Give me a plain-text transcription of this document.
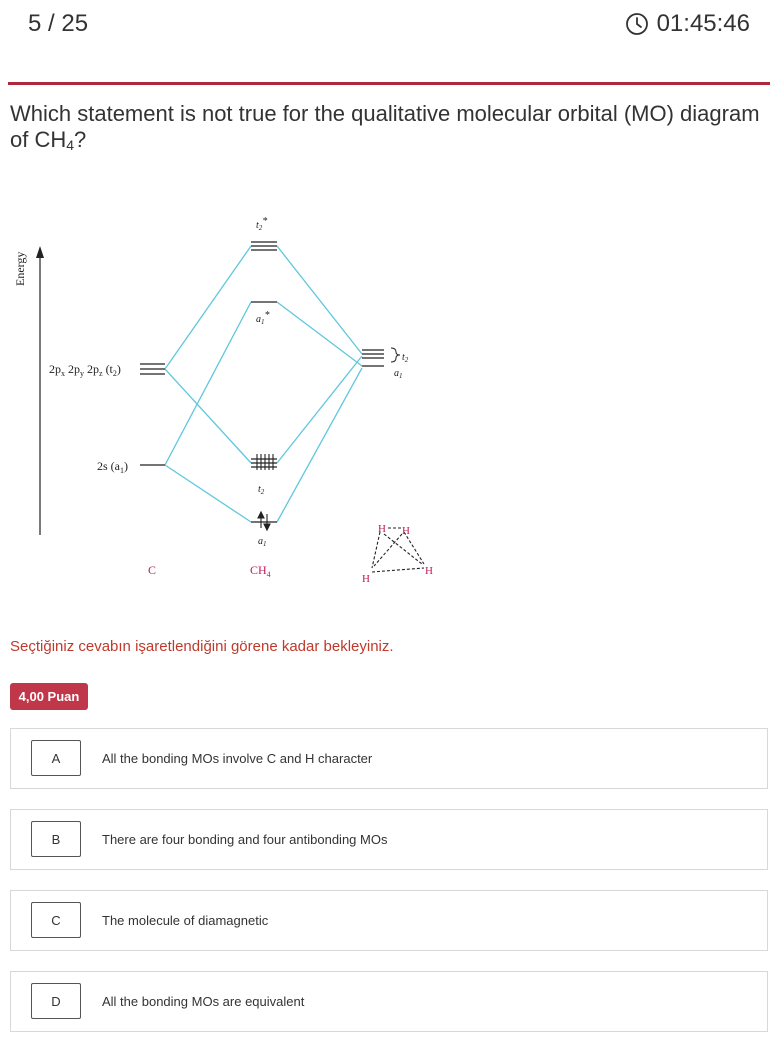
5 / 25	01:45:46
Which statement is not true for the qualitative molecular orbital (MO) diagram of $CH_4$?
Energy
$2p_x$ $2p_y$ $2p_z$ $(t_2)$
2s $(a_1)$
$t_2*$
$a_1*$
$t_2$
$a_1$
$t_2$
$a_1$
C	$CH_4$
H H
H
H
Seçtiğiniz cevabın işaretlendiğini görene kadar bekleyiniz.
4,00 Puan
A	All the bonding MOs involve C and H character
B	There are four bonding and four antibonding MOs
C	The molecule of diamagnetic
D	All the bonding MOs are equivalent
